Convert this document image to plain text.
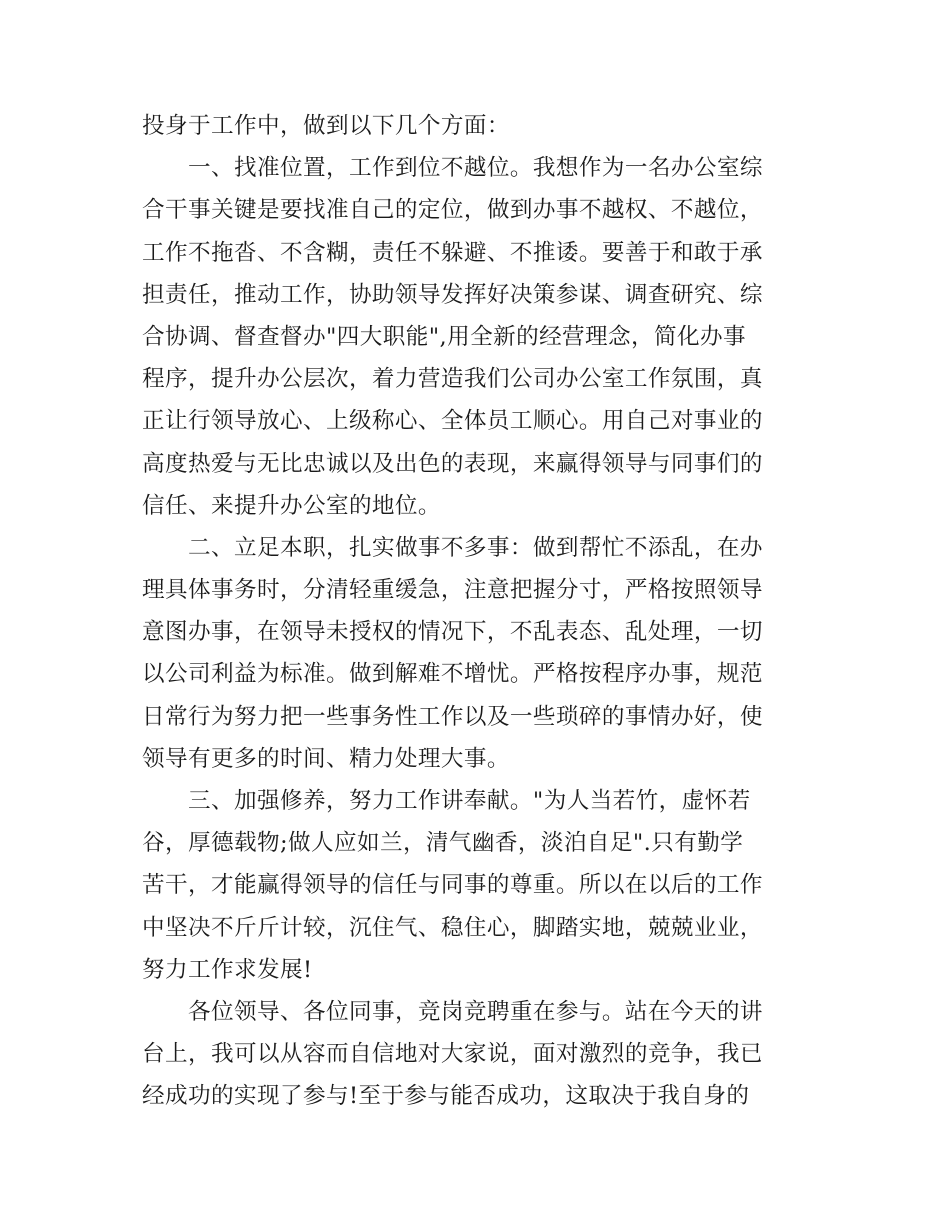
投身于工作中，做到以下几个方面：
一、找准位置，工作到位不越位。我想作为一名办公室综
合干事关键是要找准自己的定位，做到办事不越权、不越位，
工作不拖沓、不含糊，责任不躲避、不推诿。要善于和敢于承
担责任，推动工作，协助领导发挥好决策参谋、调查研究、综
合协调、督查督办"四大职能",用全新的经营理念，简化办事
程序，提升办公层次，着力营造我们公司办公室工作氛围，真
正让行领导放心、上级称心、全体员工顺心。用自己对事业的
高度热爱与无比忠诚以及出色的表现，来赢得领导与同事们的
信任、来提升办公室的地位。
二、立足本职，扎实做事不多事：做到帮忙不添乱，在办
理具体事务时，分清轻重缓急，注意把握分寸，严格按照领导
意图办事，在领导未授权的情况下，不乱表态、乱处理，一切
以公司利益为标准。做到解难不增忧。严格按程序办事，规范
日常行为努力把一些事务性工作以及一些琐碎的事情办好，使
领导有更多的时间、精力处理大事。
三、加强修养，努力工作讲奉献。"为人当若竹，虚怀若
谷，厚德载物;做人应如兰，清气幽香，淡泊自足".只有勤学
苦干，才能赢得领导的信任与同事的尊重。所以在以后的工作
中坚决不斤斤计较，沉住气、稳住心，脚踏实地，兢兢业业，
努力工作求发展!
各位领导、各位同事，竞岗竞聘重在参与。站在今天的讲
台上，我可以从容而自信地对大家说，面对激烈的竞争，我已
经成功的实现了参与!至于参与能否成功，这取决于我自身的
